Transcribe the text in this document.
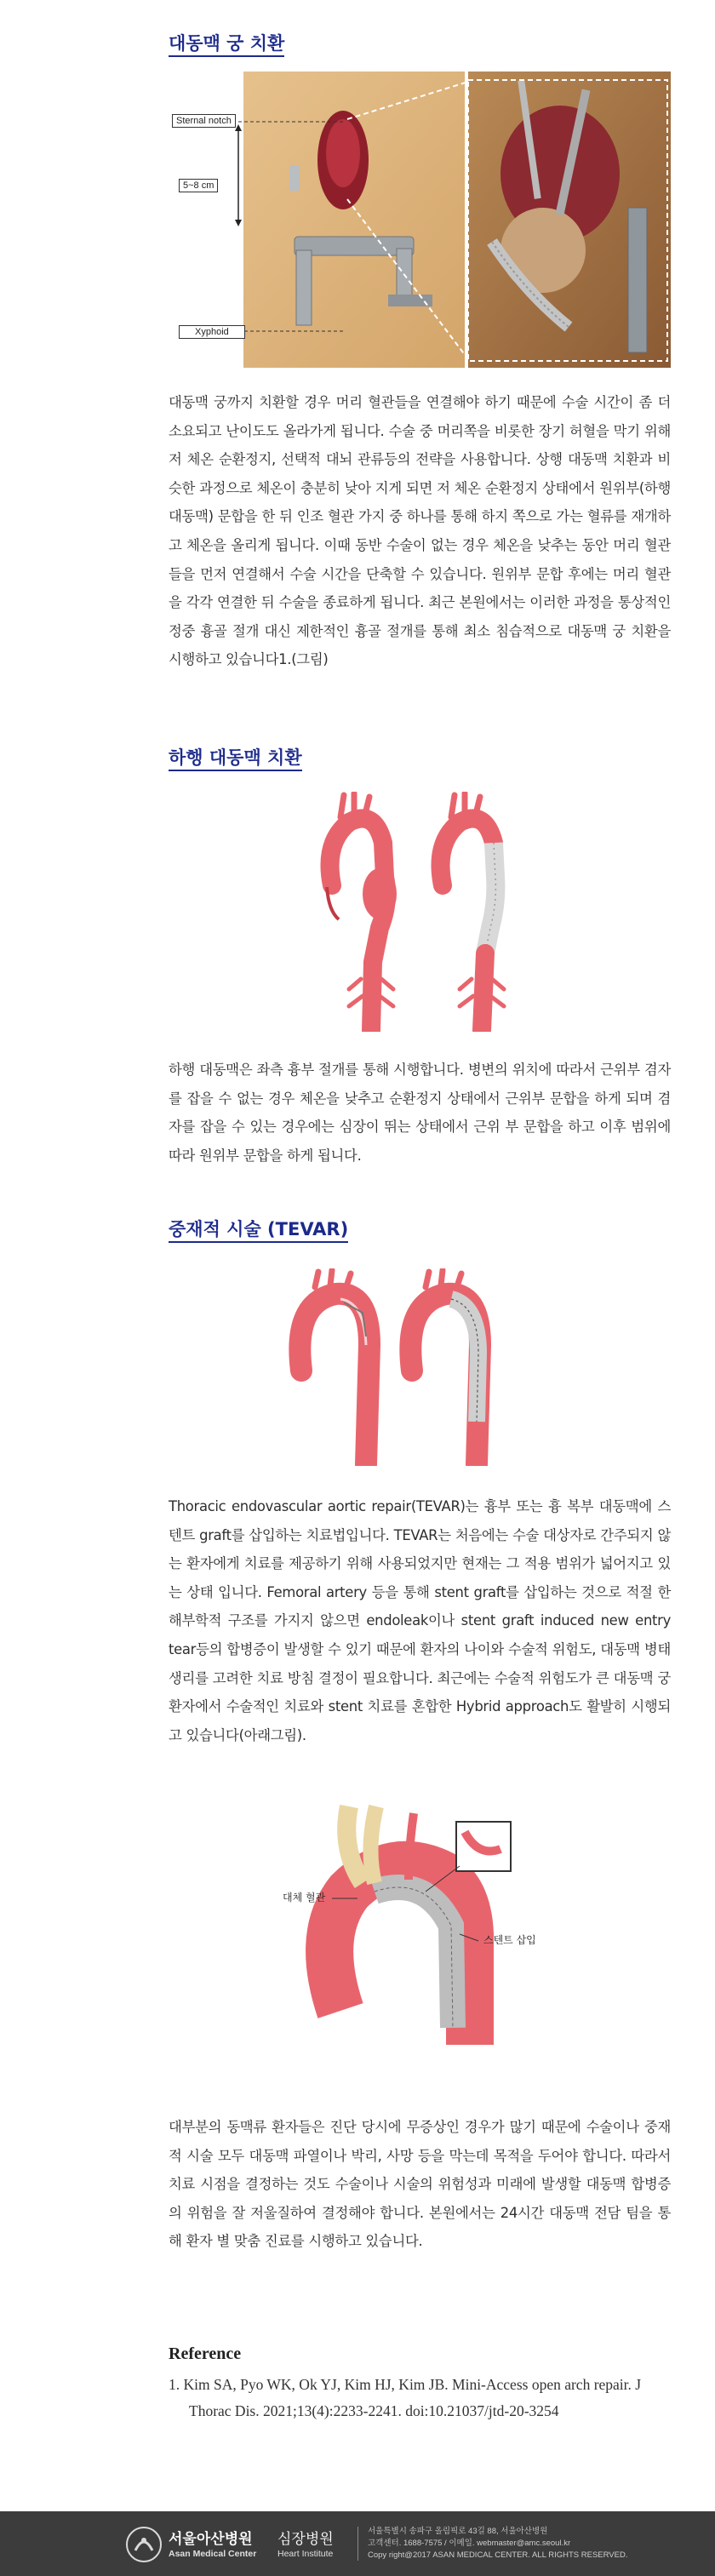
대동맥 궁 치환
Sternal notch
5~8 cm
Xyphoid
대동맥 궁까지 치환할 경우 머리 혈관들을 연결해야 하기 때문에 수술 시간이 좀 더 소요되고 난이도도 올라가게 됩니다. 수술 중 머리쪽을 비롯한 장기 허혈을 막기 위해 저 체온 순환정지, 선택적 대뇌 관류등의 전략을 사용합니다. 상행 대동맥 치환과 비슷한 과정으로 체온이 충분히 낮아 지게 되면 저 체온 순환정지 상태에서 원위부(하행 대동맥) 문합을 한 뒤 인조 혈관 가지 중 하나를 통해 하지 쪽으로 가는 혈류를 재개하고 체온을 올리게 됩니다. 이때 동반 수술이 없는 경우 체온을 낮추는 동안 머리 혈관들을 먼저 연결해서 수술 시간을 단축할 수 있습니다. 원위부 문합 후에는 머리 혈관을 각각 연결한 뒤 수술을 종료하게 됩니다. 최근 본원에서는 이러한 과정을 통상적인 정중 흉골 절개 대신 제한적인 흉골 절개를 통해 최소 침습적으로 대동맥 궁 치환을 시행하고 있습니다1.(그림)
하행 대동맥 치환
하행 대동맥은 좌측 흉부 절개를 통해 시행합니다. 병변의 위치에 따라서 근위부 겸자를 잡을 수 없는 경우 체온을 낮추고 순환정지 상태에서 근위부 문합을 하게 되며 겸자를 잡을 수 있는 경우에는 심장이 뛰는 상태에서 근위 부 문합을 하고 이후 범위에 따라 원위부 문합을 하게 됩니다.
중재적 시술 (TEVAR)
Thoracic endovascular aortic repair(TEVAR)는 흉부 또는 흉 복부 대동맥에 스텐트 graft를 삽입하는 치료법입니다. TEVAR는 처음에는 수술 대상자로 간주되지 않는 환자에게 치료를 제공하기 위해 사용되었지만 현재는 그 적용 범위가 넓어지고 있는 상태 입니다. Femoral artery 등을 통해 stent graft를 삽입하는 것으로 적절 한 해부학적 구조를 가지지 않으면 endoleak이나 stent graft induced new entry tear등의 합병증이 발생할 수 있기 때문에 환자의 나이와 수술적 위험도, 대동맥 병태 생리를 고려한 치료 방침 결정이 필요합니다. 최근에는 수술적 위험도가 큰 대동맥 궁 환자에서 수술적인 치료와 stent 치료를 혼합한 Hybrid approach도 활발히 시행되고 있습니다(아래그림).
대체 혈관
스텐트 삽입
대부분의 동맥류 환자들은 진단 당시에 무증상인 경우가 많기 때문에 수술이나 중재적 시술 모두 대동맥 파열이나 박리, 사망 등을 막는데 목적을 두어야 합니다. 따라서 치료 시점을 결정하는 것도 수술이나 시술의 위험성과 미래에 발생할 대동맥 합병증의 위험을 잘 저울질하여 결정해야 합니다. 본원에서는 24시간 대동맥 전담 팀을 통해 환자 별 맞춤 진료를 시행하고 있습니다.
Reference
1. Kim SA, Pyo WK, Ok YJ, Kim HJ, Kim JB. Mini-Access open arch repair. J Thorac Dis. 2021;13(4):2233-2241. doi:10.21037/jtd-20-3254
서울아산병원
Asan Medical Center
심장병원
Heart Institute
서울특별시 송파구 올림픽로 43길 88, 서울아산병원
고객센터. 1688-7575 / 이메일. webmaster@amc.seoul.kr
Copy right@2017 ASAN MEDICAL CENTER. ALL RIGHTS RESERVED.
